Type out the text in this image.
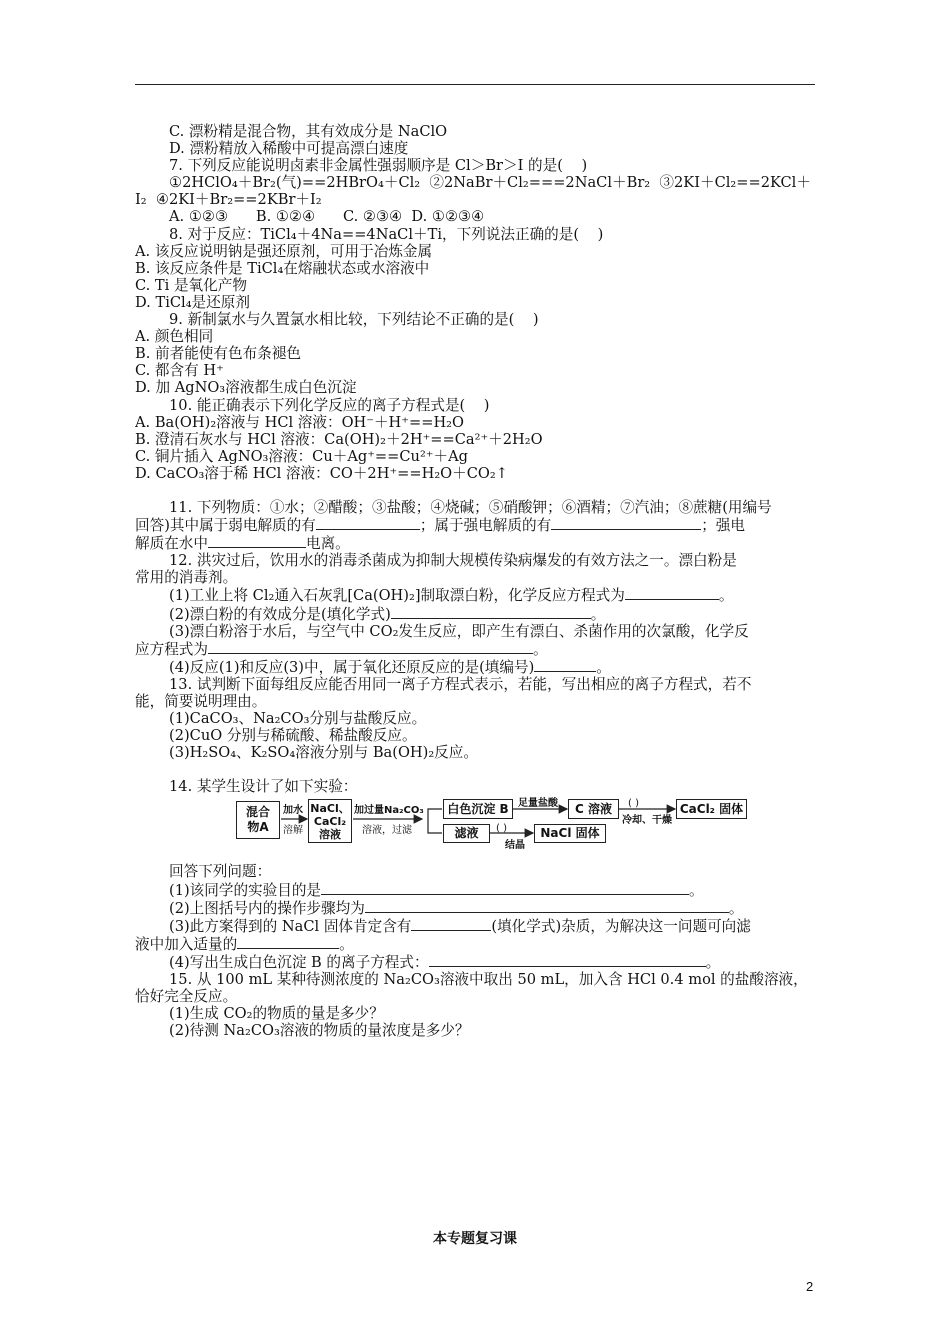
C. 漂粉精是混合物，其有效成分是 NaClO
D. 漂粉精放入稀酸中可提高漂白速度
7. 下列反应能说明卤素非金属性强弱顺序是 Cl＞Br＞I 的是(    )
①2HClO₄＋Br₂(气)==2HBrO₄＋Cl₂  ②2NaBr＋Cl₂===2NaCl＋Br₂  ③2KI＋Cl₂==2KCl＋
I₂  ④2KI＋Br₂==2KBr＋I₂
A. ①②③      B. ①②④      C. ②③④  D. ①②③④
8. 对于反应：TiCl₄＋4Na==4NaCl＋Ti，下列说法正确的是(    )
A. 该反应说明钠是强还原剂，可用于冶炼金属
B. 该反应条件是 TiCl₄在熔融状态或水溶液中
C. Ti 是氧化产物
D. TiCl₄是还原剂
9. 新制氯水与久置氯水相比较，下列结论不正确的是(    )
A. 颜色相同
B. 前者能使有色布条褪色
C. 都含有 H⁺
D. 加 AgNO₃溶液都生成白色沉淀
10. 能正确表示下列化学反应的离子方程式是(    )
A. Ba(OH)₂溶液与 HCl 溶液：OH⁻＋H⁺==H₂O
B. 澄清石灰水与 HCl 溶液：Ca(OH)₂＋2H⁺==Ca²⁺＋2H₂O
C. 铜片插入 AgNO₃溶液：Cu＋Ag⁺==Cu²⁺＋Ag
D. CaCO₃溶于稀 HCl 溶液：CO＋2H⁺==H₂O＋CO₂↑
11. 下列物质：①水；②醋酸；③盐酸；④烧碱；⑤硝酸钾；⑥酒精；⑦汽油；⑧蔗糖(用编号
回答)其中属于弱电解质的有	；属于强电解质的有	；强电
解质在水中	电离。
12. 洪灾过后，饮用水的消毒杀菌成为抑制大规模传染病爆发的有效方法之一。漂白粉是
常用的消毒剂。
(1)工业上将 Cl₂通入石灰乳[Ca(OH)₂]制取漂白粉，化学反应方程式为	。
(2)漂白粉的有效成分是(填化学式)	。
(3)漂白粉溶于水后，与空气中 CO₂发生反应，即产生有漂白、杀菌作用的次氯酸，化学反
应方程式为	。
(4)反应(1)和反应(3)中，属于氧化还原反应的是(填编号)	。
13. 试判断下面每组反应能否用同一离子方程式表示，若能，写出相应的离子方程式，若不
能，简要说明理由。
(1)CaCO₃、Na₂CO₃分别与盐酸反应。
(2)CuO 分别与稀硫酸、稀盐酸反应。
(3)H₂SO₄、K₂SO₄溶液分别与 Ba(OH)₂反应。
14. 某学生设计了如下实验：
混合
物A
加水
溶解
NaCl、
CaCl₂
溶液
加过量Na₂CO₃
溶液，过滤
白色沉淀 B 足量盐酸	C 溶液	( )
冷却、干燥
CaCl₂ 固体
滤液	( )
结晶
NaCl 固体
回答下列问题：
(1)该同学的实验目的是	。
(2)上图括号内的操作步骤均为	。
(3)此方案得到的 NaCl 固体肯定含有	(填化学式)杂质，为解决这一问题可向滤
液中加入适量的	。
(4)写出生成白色沉淀 B 的离子方程式：	。
15. 从 100 mL 某种待测浓度的 Na₂CO₃溶液中取出 50 mL，加入含 HCl 0.4 mol 的盐酸溶液，
恰好完全反应。
(1)生成 CO₂的物质的量是多少？
(2)待测 Na₂CO₃溶液的物质的量浓度是多少？
本专题复习课
2
